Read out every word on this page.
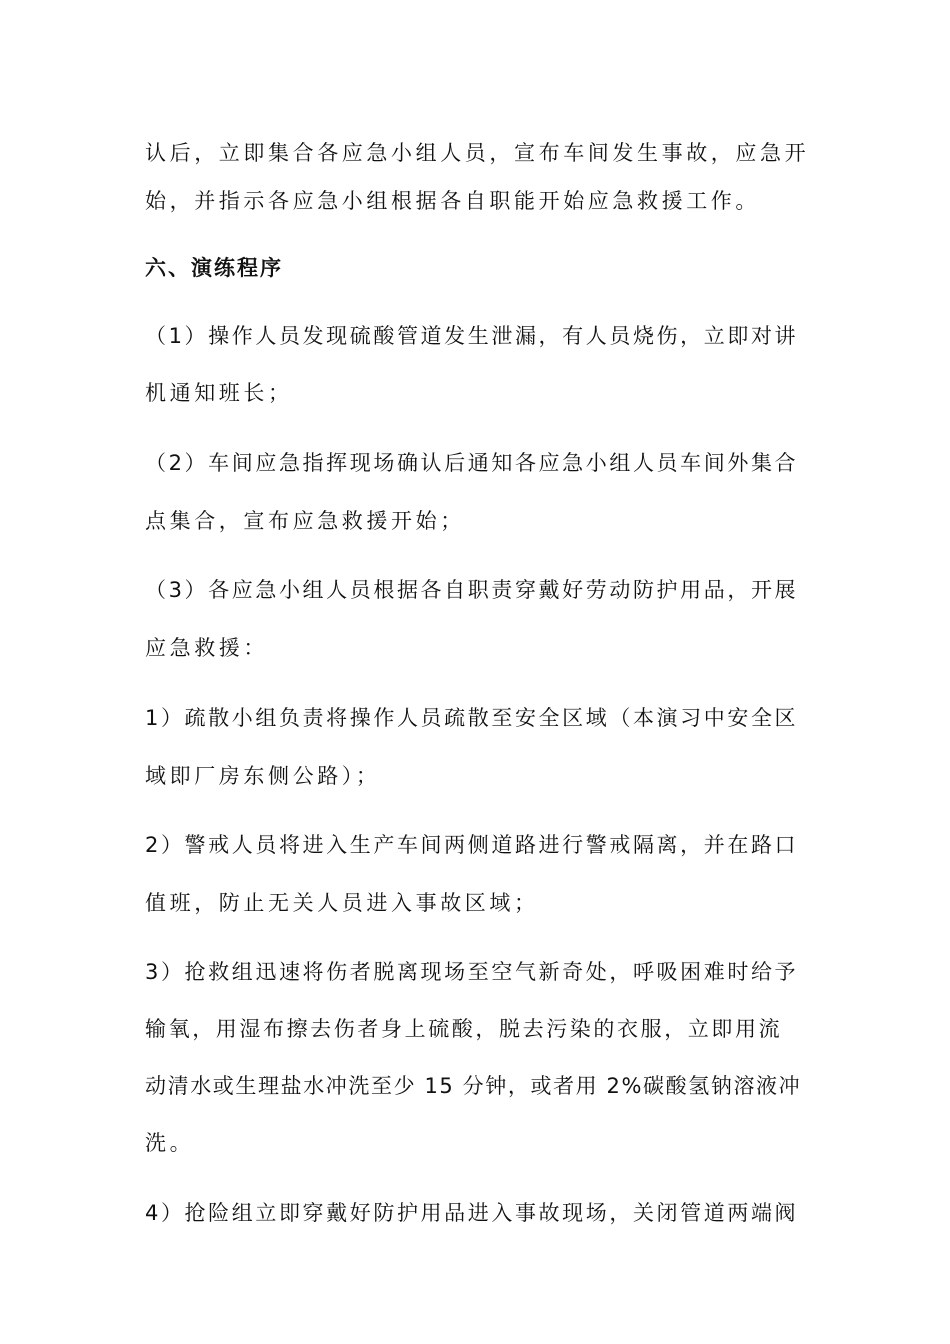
认后，立即集合各应急小组人员，宣布车间发生事故，应急开
始，并指示各应急小组根据各自职能开始应急救援工作。
六、演练程序
（1）操作人员发现硫酸管道发生泄漏，有人员烧伤，立即对讲
机通知班长；
（2）车间应急指挥现场确认后通知各应急小组人员车间外集合
点集合，宣布应急救援开始；
（3）各应急小组人员根据各自职责穿戴好劳动防护用品，开展
应急救援：
1）疏散小组负责将操作人员疏散至安全区域（本演习中安全区
域即厂房东侧公路）；
2）警戒人员将进入生产车间两侧道路进行警戒隔离，并在路口
值班，防止无关人员进入事故区域；
3）抢救组迅速将伤者脱离现场至空气新奇处，呼吸困难时给予
输氧，用湿布擦去伤者身上硫酸，脱去污染的衣服，立即用流
动清水或生理盐水冲洗至少 15 分钟，或者用 2%碳酸氢钠溶液冲
洗。
4）抢险组立即穿戴好防护用品进入事故现场，关闭管道两端阀
